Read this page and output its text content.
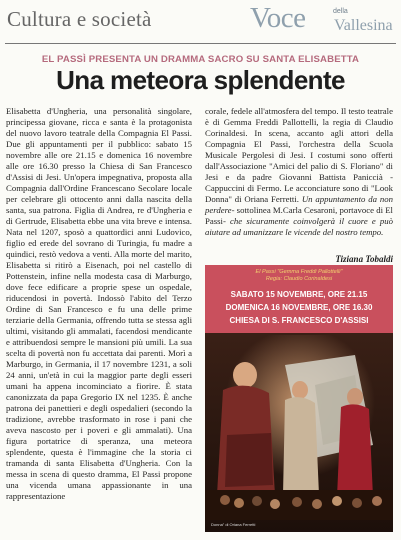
Cultura e società	Voce	della
Vallesina
EL PASSÌ PRESENTA UN DRAMMA SACRO SU SANTA ELISABETTA
Una meteora splendente

Elisabetta d'Ungheria, una personalità singolare, principessa giovane, ricca e santa è la protagonista del nuovo lavoro teatrale della Compagnia El Passi. Due gli appuntamenti per il pubblico: sabato 15 novembre alle ore 21.15 e domenica 16 novembre alle ore 16.30 presso la Chiesa di San Francesco d'Assisi di Jesi. Un'opera impegnativa, proposta alla Compagnia dall'Ordine Francescano Secolare locale per celebrare gli ottocento anni dalla nascita della santa, sua patrona. Figlia di Andrea, re d'Ungheria e di Gertrude, Elisabetta ebbe una vita breve e intensa. Nata nel 1207, sposò a quattordici anni Ludovico, figlio ed erede del sovrano di Turingia, fu madre a quindici, restò vedova a venti. Alla morte del marito, Elisabetta si ritirò a Eisenach, poi nel castello di Pottenstein, infine nella modesta casa di Marburgo, dove fece edificare a proprie spese un ospedale, riducendosi in povertà. Indossò l'abito del Terzo Ordine di San Francesco e fu una delle prime terziarie della Germania, offrendo tutta se stessa agli ultimi, visitando gli ammalati, facendosi mendicante e attribuendosi sempre le mansioni più umili. La sua scelta di povertà non fu accettata dai parenti. Morì a Marburgo, in Germania, il 17 novembre 1231, a soli 24 anni, un'età in cui la maggior parte degli esseri umani ha appena incominciato a fiorire. È stata canonizzata da papa Gregorio IX nel 1235. È anche patrona dei panettieri e degli ospedalieri (secondo la tradizione, avrebbe trasformato in rose i pani che aveva nascosto per i poveri e gli ammalati). Una figura portatrice di speranza, una meteora splendente, questa è l'immagine che la storia ci tramanda di santa Elisabetta d'Ungheria. Con la messa in scena di questo dramma, El Passi propone una vicenda umana appassionante in una rappresentazione

corale, fedele all'atmosfera del tempo. Il testo teatrale è di Gemma Freddi Pallottelli, la regia di Claudio Corinaldesi. In scena, accanto agli attori della Compagnia El Passi, l'orchestra della Scuola Musicale Pergolesi di Jesi. I costumi sono offerti dall'Associazione "Amici del palio di S. Floriano" di Jesi e da padre Giovanni Battista Paniccià -Cappuccini di Fermo. Le acconciature sono di "Look Donna" di Oriana Ferretti. Un appuntamento da non perdere- sottolinea M.Carla Cesaroni, portavoce di El Passi- che sicuramente coinvolgerà il cuore e può aiutare ad umanizzare le vicende del nostro tempo.

Tiziana Tobaldi
El Passi "Gemma Freddi Pallottelli"
Regia: Claudio Corinaldesi
SABATO 15 NOVEMBRE, ORE 21.15
DOMENICA 16 NOVEMBRE, ORE 16.30
CHIESA DI S. FRANCESCO D'ASSISI
Donna" di Oriana Ferretti
